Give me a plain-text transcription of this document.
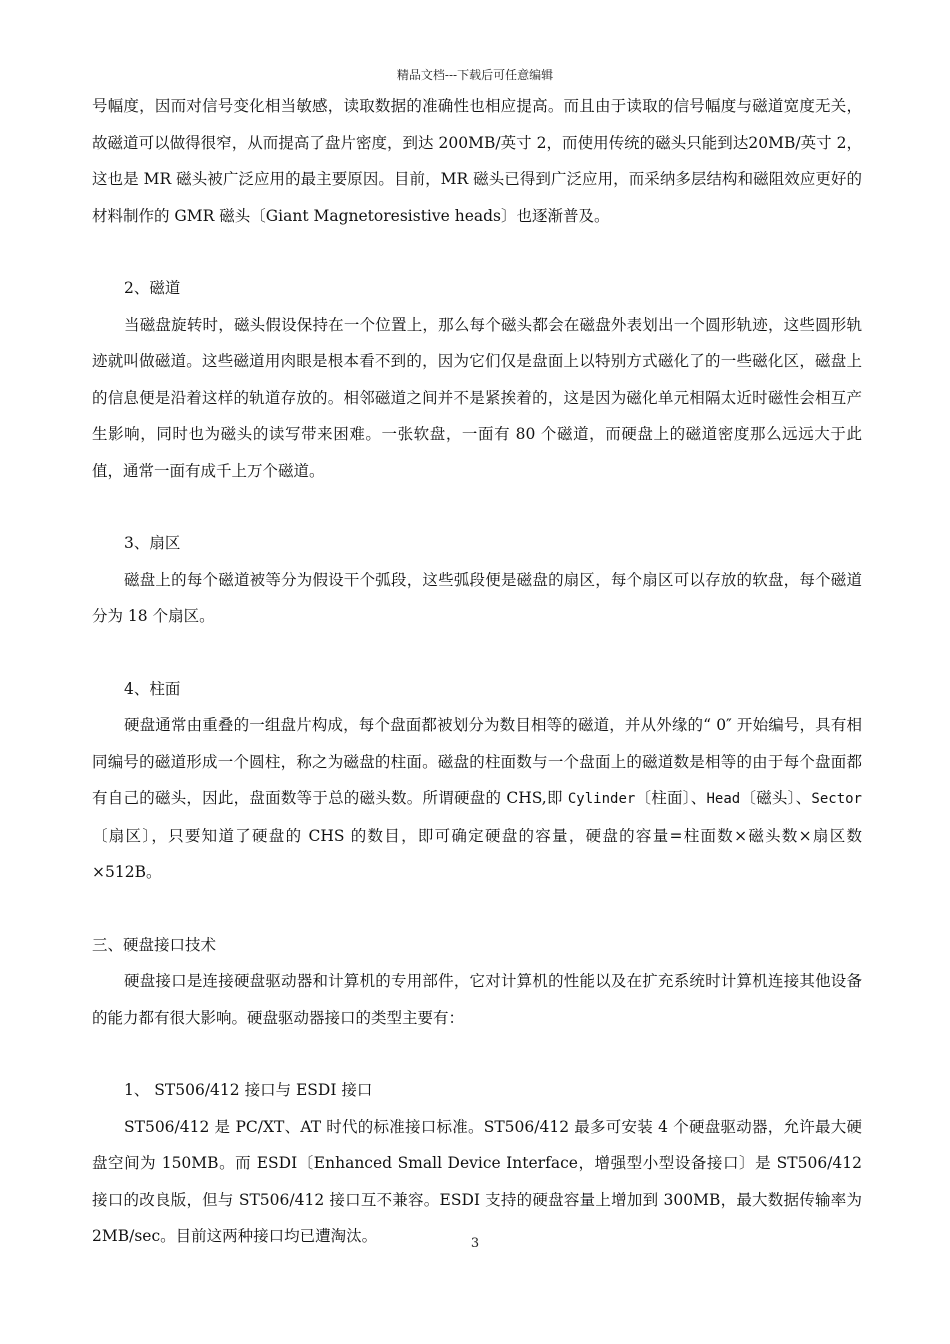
精品文档---下载后可任意编辑

号幅度，因而对信号变化相当敏感，读取数据的准确性也相应提高。而且由于读取的信号幅度与磁道宽度无关，故磁道可以做得很窄，从而提高了盘片密度，到达 200MB/英寸 2，而使用传统的磁头只能到达20MB/英寸 2，这也是 MR 磁头被广泛应用的最主要原因。目前，MR 磁头已得到广泛应用，而采纳多层结构和磁阻效应更好的材料制作的 GMR 磁头〔Giant Magnetoresistive heads〕也逐渐普及。

2、磁道

当磁盘旋转时，磁头假设保持在一个位置上，那么每个磁头都会在磁盘外表划出一个圆形轨迹，这些圆形轨迹就叫做磁道。这些磁道用肉眼是根本看不到的，因为它们仅是盘面上以特别方式磁化了的一些磁化区，磁盘上的信息便是沿着这样的轨道存放的。相邻磁道之间并不是紧挨着的，这是因为磁化单元相隔太近时磁性会相互产生影响，同时也为磁头的读写带来困难。一张软盘，一面有 80 个磁道，而硬盘上的磁道密度那么远远大于此值，通常一面有成千上万个磁道。

3、扇区

磁盘上的每个磁道被等分为假设干个弧段，这些弧段便是磁盘的扇区，每个扇区可以存放的软盘，每个磁道分为 18 个扇区。

4、柱面

硬盘通常由重叠的一组盘片构成，每个盘面都被划分为数目相等的磁道，并从外缘的“ 0″ 开始编号，具有相同编号的磁道形成一个圆柱，称之为磁盘的柱面。磁盘的柱面数与一个盘面上的磁道数是相等的由于每个盘面都有自己的磁头，因此，盘面数等于总的磁头数。所谓硬盘的 CHS,即 Cylinder〔柱面〕、Head〔磁头〕、Sector〔扇区〕，只要知道了硬盘的 CHS 的数目，即可确定硬盘的容量，硬盘的容量=柱面数×磁头数×扇区数×512B。

三、硬盘接口技术

硬盘接口是连接硬盘驱动器和计算机的专用部件，它对计算机的性能以及在扩充系统时计算机连接其他设备的能力都有很大影响。硬盘驱动器接口的类型主要有：

1、 ST506/412 接口与 ESDI 接口

ST506/412 是 PC/XT、AT 时代的标准接口标准。ST506/412 最多可安装 4 个硬盘驱动器，允许最大硬盘空间为 150MB。而 ESDI〔Enhanced Small Device Interface，增强型小型设备接口〕是 ST506/412 接口的改良版，但与 ST506/412 接口互不兼容。ESDI 支持的硬盘容量上增加到 300MB，最大数据传输率为2MB/sec。目前这两种接口均已遭淘汰。	3
